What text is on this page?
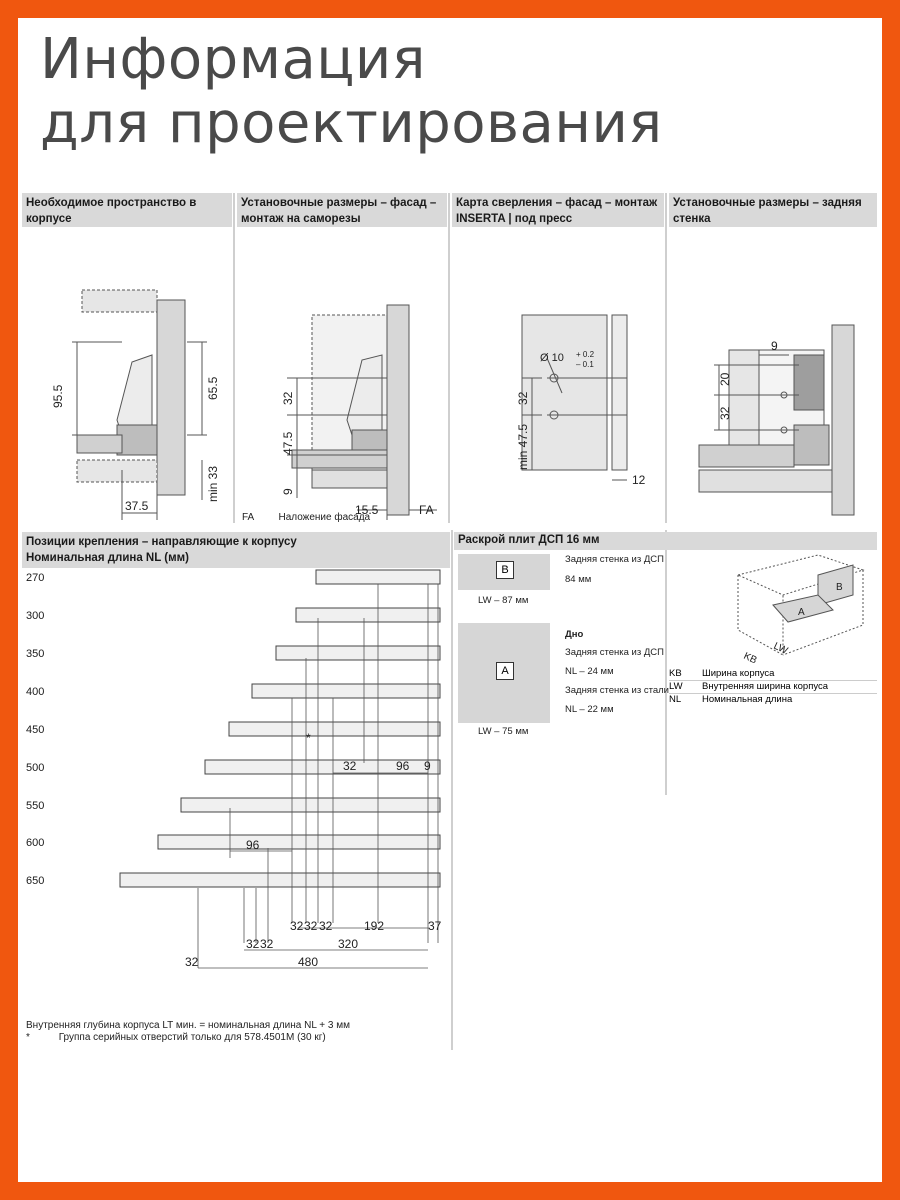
Информация
для проектирования
Необходимое пространство в корпусе
Установочные размеры – фасад – монтаж на саморезы
Карта сверления – фасад – монтаж INSERTA | под пресс
Установочные размеры – задняя стенка
95.5	65.5
min 33
37.5
32
47.5
9
15.5	FA
FA Наложение фасада
Ø 10 + 0.2
– 0.1
32
min 47.5
12
9
20
32
Позиции крепления – направляющие к корпусу
Номинальная длина NL (мм)
270
300
350
400
450
500
550
600
650
32	96 9
96
32 32 32	192	37
32 32	320
32	480
*
Внутренняя глубина корпуса LT мин. = номинальная длина NL + 3 мм
*	Группа серийных отверстий только для 578.4501M (30 кг)
Раскрой плит ДСП 16 мм
B
Задняя стенка из ДСП
84 мм
LW – 87 мм
A
Дно
Задняя стенка из ДСП
NL – 24 мм
Задняя стенка из стали
NL – 22 мм
LW – 75 мм
B
A
LW
KB
KB	Ширина корпуса
LW	Внутренняя ширина корпуса
NL	Номинальная длина
